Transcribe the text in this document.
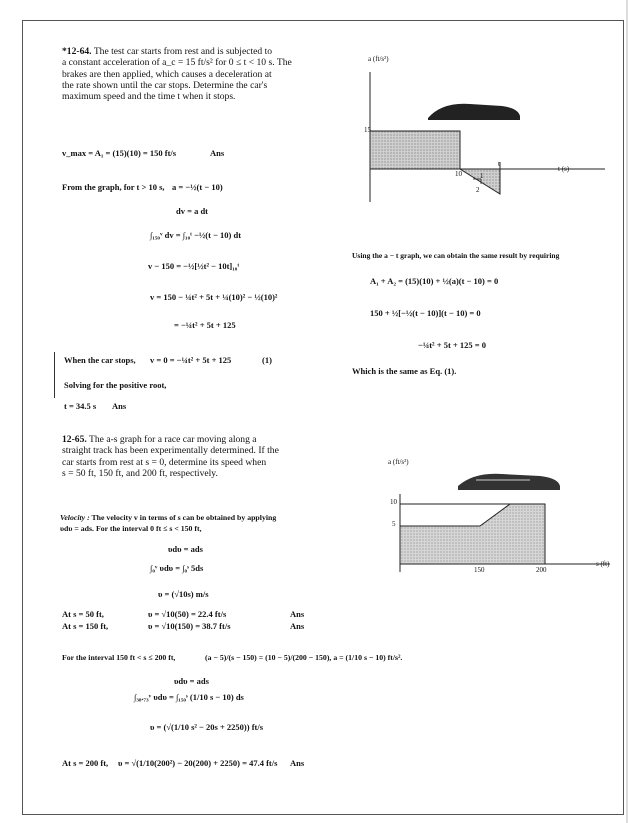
*12-64. The test car starts from rest and is subjected to
a constant acceleration of a_c = 15 ft/s² for 0 ≤ t < 10 s. The
brakes are then applied, which causes a deceleration at
the rate shown until the car stops. Determine the car's
maximum speed and the time t when it stops.
v_max = A₁ = (15)(10) = 150 ft/s	Ans
From the graph, for t > 10 s, a = −½(t − 10)
dv = a dt
∫₁₅₀ᵛ dv = ∫₁₀ᵗ −½(t − 10) dt
v − 150 = −½[½t² − 10t]₁₀ᵗ
v = 150 − ¼t² + 5t + ¼(10)² − ½(10)²
= −¼t² + 5t + 125
When the car stops, v = 0 = −¼t² + 5t + 125	(1)
Solving for the positive root,
t = 34.5 s Ans
a (ft/s²)
15
10
t
1
2
t (s)
Using the a − t graph, we can obtain the same result by requiring
A₁ + A₂ = (15)(10) + ½(a)(t − 10) = 0
150 + ½[−½(t − 10)](t − 10) = 0
−¼t² + 5t + 125 = 0
Which is the same as Eq. (1).
12-65. The a-s graph for a race car moving along a
straight track has been experimentally determined. If the
car starts from rest at s = 0, determine its speed when
s = 50 ft, 150 ft, and 200 ft, respectively.
Velocity : The velocity v in terms of s can be obtained by applying
υdυ = ads. For the interval 0 ft ≤ s < 150 ft,
υdυ = ads
∫₀ᵛ υdυ = ∫₀ˢ 5ds
υ = (√10s) m/s
At s = 50 ft,	υ = √10(50) = 22.4 ft/s	Ans
At s = 150 ft,	υ = √10(150) = 38.7 ft/s	Ans
For the interval 150 ft < s ≤ 200 ft,	(a − 5)/(s − 150) = (10 − 5)/(200 − 150), a = (1/10 s − 10) ft/s².
υdυ = ads
∫₃₈.₇₃ᵛ υdυ = ∫₁₅₀ˢ (1/10 s − 10) ds
υ = (√(1/10 s² − 20s + 2250)) ft/s
At s = 200 ft, υ = √(1/10(200²) − 20(200) + 2250) = 47.4 ft/s Ans
a (ft/s²)
10
5
150	200
s (ft)
